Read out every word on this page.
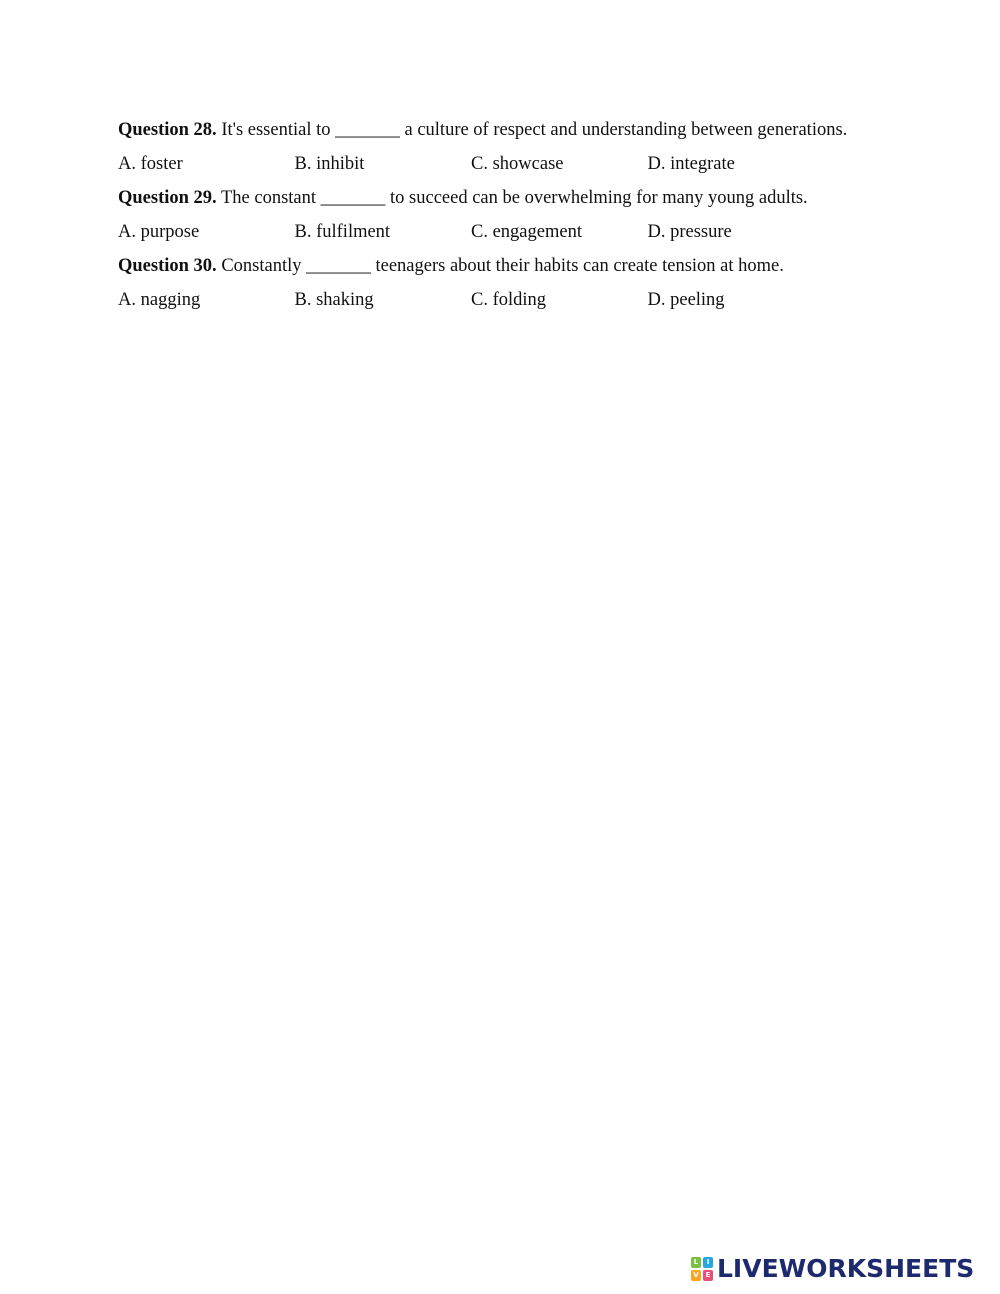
Question 28. It's essential to _______ a culture of respect and understanding between generations.
A. foster	B. inhibit	C. showcase	D. integrate
Question 29. The constant _______ to succeed can be overwhelming for many young adults.
A. purpose	B. fulfilment	C. engagement	D. pressure
Question 30. Constantly _______ teenagers about their habits can create tension at home.
A. nagging	B. shaking	C. folding	D. peeling
L	I
V E LIVEWORKSHEETS
